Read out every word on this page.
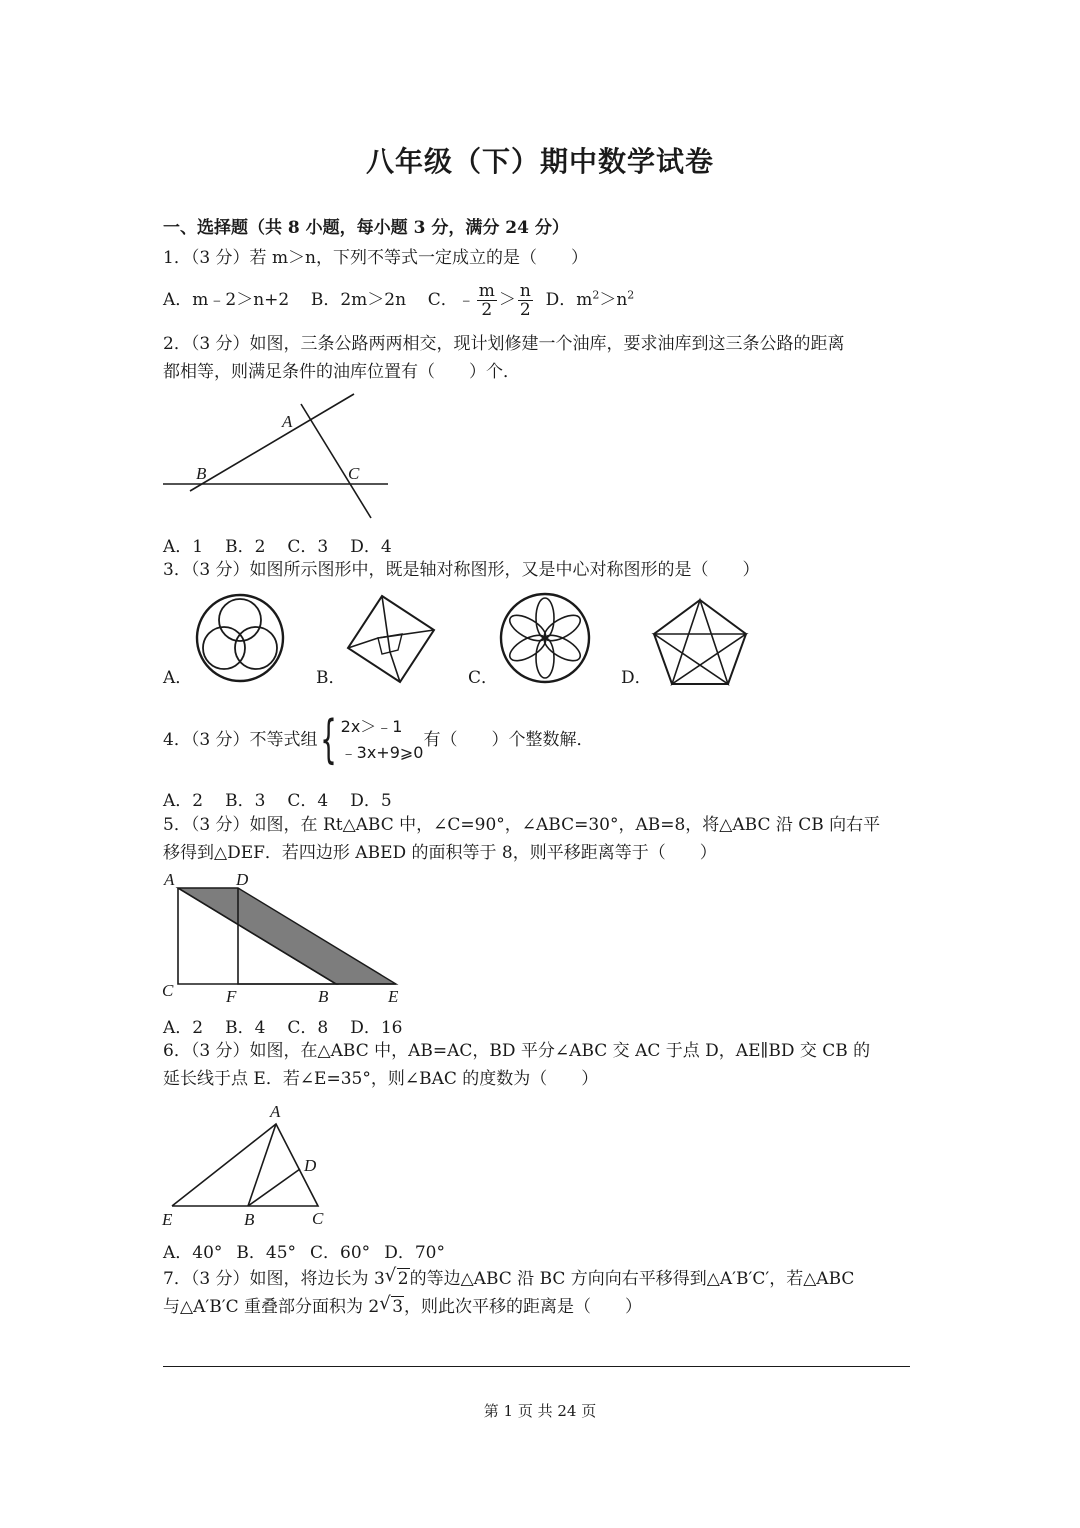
八年级（下）期中数学试卷
一、选择题（共 8 小题，每小题 3 分，满分 24 分）
1．（3 分）若 m＞n，下列不等式一定成立的是（　　）
A．m﹣2＞n+2 B．2m＞2n C．﹣ $\frac{m}{2} > \frac{n}{2}$ D．$m^2>n^2$
2．（3 分）如图，三条公路两两相交，现计划修建一个油库，要求油库到这三条公路的距离
都相等，则满足条件的油库位置有（　　）个．
A
B	C
A．1 B．2 C．3 D．4
3．（3 分）如图所示图形中，既是轴对称图形，又是中心对称图形的是（　　）
A．	B．	C．	D．
4．（3 分）不等式组 { 2x＞﹣1
﹣3x+9⩾0
有（　　）个整数解．
A．2 B．3 C．4 D．5
5．（3 分）如图，在 Rt△ABC 中，∠C=90°，∠ABC=30°，AB=8，将△ABC 沿 CB 向右平
移得到△DEF．若四边形 ABED 的面积等于 8，则平移距离等于（　　）
A	D
C	F	B	E
A．2 B．4 C．8 D．16
6．（3 分）如图，在△ABC 中，AB=AC，BD 平分∠ABC 交 AC 于点 D，AE∥BD 交 CB 的
延长线于点 E．若∠E=35°，则∠BAC 的度数为（　　）
A
D
E	B	C
A．40° B．45° C．60° D．70°
7．（3 分）如图，将边长为 3 √ 2的等边△ABC 沿 BC 方向向右平移得到△A′B′C′，若△ABC
与△A′B′C 重叠部分面积为 2 √ 3，则此次平移的距离是（　　）
第 1 页 共 24 页
